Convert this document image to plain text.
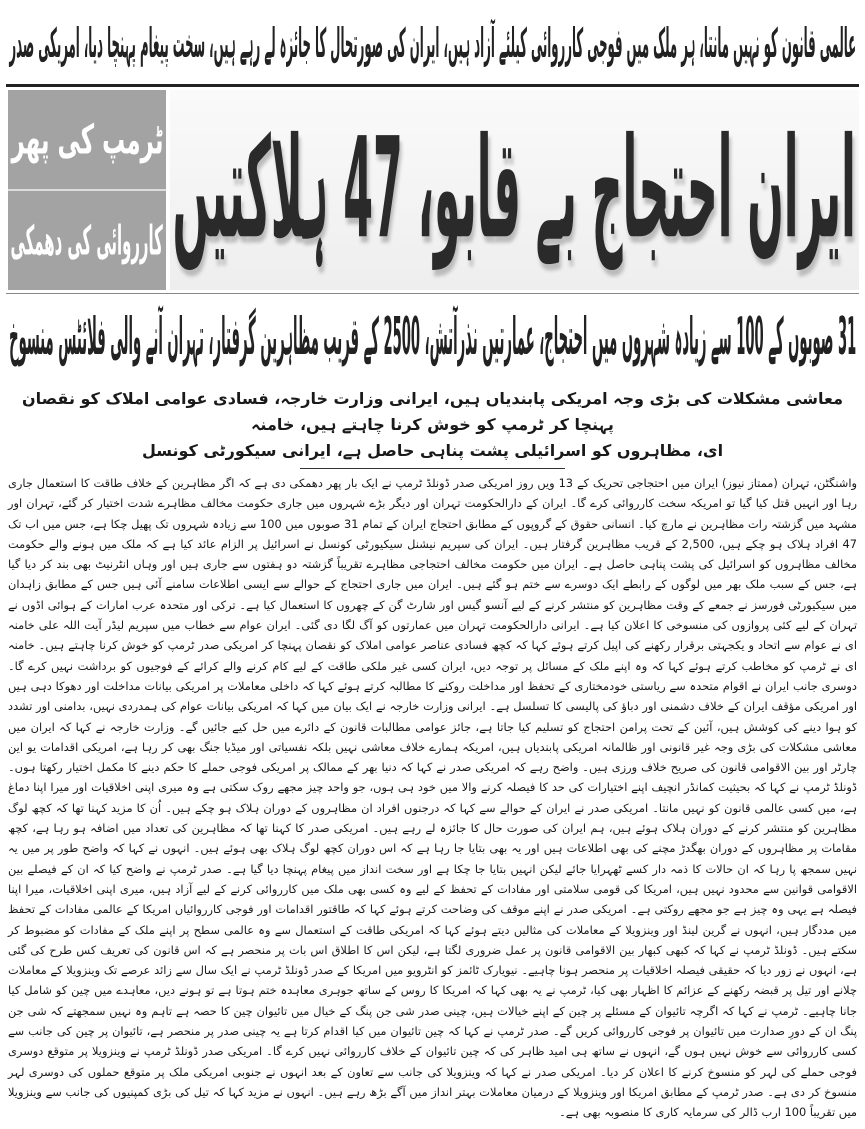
عالمی قانون کو نہیں مانتا، ہر ملک میں فوجی کارروائی کیلئے آزاد ہیں، ایران کی صورتحال کا جائزہ لے رہے ہیں، سخت پیغام پہنچا دیا، امریکی صدر
ایران احتجاج بے قابو، 47 ہلاکتیں
ٹرمپ کی پھر
کارروائی کی دھمکی
31 صوبوں کے 100 سے زیادہ شہروں میں احتجاج، عمارتیں نذرآتش، 2500 کے قریب مظاہرین گرفتار، تہران آنے والی فلائٹس منسوخ

معاشی مشکلات کی بڑی وجہ امریکی پابندیاں ہیں، ایرانی وزارت خارجہ، فسادی عوامی املاک کو نقصان پہنچا کر ٹرمپ کو خوش کرنا چاہتے ہیں، خامنہ

ای، مظاہروں کو اسرائیلی پشت پناہی حاصل ہے، ایرانی سیکورٹی کونسل

واشنگٹن، تہران (ممتاز نیوز) ایران میں احتجاجی تحریک کے 13 ویں روز امریکی صدر ڈونلڈ ٹرمپ نے ایک بار پھر دھمکی دی ہے کہ اگر مظاہرین کے خلاف طاقت کا استعمال جاری رہا اور انہیں قتل کیا گیا تو امریکہ سخت کارروائی کرے گا۔ ایران کے دارالحکومت تہران اور دیگر بڑے شہروں میں جاری حکومت مخالف مظاہرے شدت اختیار کر گئے، تہران اور مشہد میں گزشتہ رات مظاہرین نے مارچ کیا۔ انسانی حقوق کے گروپوں کے مطابق احتجاج ایران کے تمام 31 صوبوں میں 100 سے زیادہ شہروں تک پھیل چکا ہے، جس میں اب تک 47 افراد ہلاک ہو چکے ہیں، 2,500 کے قریب مظاہرین گرفتار ہیں۔ ایران کی سپریم نیشنل سیکیورٹی کونسل نے اسرائیل پر الزام عائد کیا ہے کہ ملک میں ہونے والے حکومت مخالف مظاہروں کو اسرائیل کی پشت پناہی حاصل ہے۔ ایران میں حکومت مخالف احتجاجی مظاہرے تقریباً گزشتہ دو ہفتوں سے جاری ہیں اور وہاں انٹرنیٹ بھی بند کر دیا گیا ہے، جس کے سبب ملک بھر میں لوگوں کے رابطے ایک دوسرے سے ختم ہو گئے ہیں۔ ایران میں جاری احتجاج کے حوالے سے ایسی اطلاعات سامنے آئی ہیں جس کے مطابق زاہدان میں سیکیورٹی فورسز نے جمعے کے وقت مظاہرین کو منتشر کرنے کے لیے آنسو گیس اور شارٹ گن کے چھروں کا استعمال کیا ہے۔ ترکی اور متحدہ عرب امارات کے ہوائی اڈوں نے تہران کے لیے کئی پروازوں کی منسوخی کا اعلان کیا ہے۔ ایرانی دارالحکومت تہران میں عمارتوں کو آگ لگا دی گئی۔ ایران عوام سے خطاب میں سپریم لیڈر آیت اللہ علی خامنہ ای نے عوام سے اتحاد و یکجہتی برقرار رکھنے کی اپیل کرتے ہوئے کہا کہ کچھ فسادی عناصر عوامی املاک کو نقصان پہنچا کر امریکی صدر ٹرمپ کو خوش کرنا چاہتے ہیں۔ خامنہ ای نے ٹرمپ کو مخاطب کرتے ہوئے کہا کہ وہ اپنے ملک کے مسائل پر توجہ دیں، ایران کسی غیر ملکی طاقت کے لیے کام کرنے والے کرائے کے فوجیوں کو برداشت نہیں کرے گا۔ دوسری جانب ایران نے اقوام متحدہ سے ریاستی خودمختاری کے تحفظ اور مداخلت روکنے کا مطالبہ کرتے ہوئے کہا کہ داخلی معاملات پر امریکی بیانات مداخلت اور دھوکا دہی ہیں اور امریکی مؤقف ایران کے خلاف دشمنی اور دباؤ کی پالیسی کا تسلسل ہے۔ ایرانی وزارت خارجہ نے ایک بیان میں کہا کہ امریکی بیانات عوام کی ہمدردی نہیں، بدامنی اور تشدد کو ہوا دینے کی کوشش ہیں، آئین کے تحت پرامن احتجاج کو تسلیم کیا جاتا ہے، جائز عوامی مطالبات قانون کے دائرے میں حل کیے جائیں گے۔ وزارت خارجہ نے کہا کہ ایران میں معاشی مشکلات کی بڑی وجہ غیر قانونی اور ظالمانہ امریکی پابندیاں ہیں، امریکہ ہمارے خلاف معاشی نہیں بلکہ نفسیاتی اور میڈیا جنگ بھی کر رہا ہے، امریکی اقدامات یو این چارٹر اور بین الاقوامی قانون کی صریح خلاف ورزی ہیں۔ واضح رہے کہ امریکی صدر نے کہا کہ دنیا بھر کے ممالک پر امریکی فوجی حملے کا حکم دینے کا مکمل اختیار رکھتا ہوں۔ ڈونلڈ ٹرمپ نے کہا کہ بحیثیت کمانڈر انچیف اپنے اختیارات کی حد کا فیصلہ کرنے والا میں خود ہی ہوں، جو واحد چیز مجھے روک سکتی ہے وہ میری اپنی اخلاقیات اور میرا اپنا دماغ ہے، میں کسی عالمی قانون کو نہیں مانتا۔ امریکی صدر نے ایران کے حوالے سے کہا کہ درجنوں افراد ان مظاہروں کے دوران ہلاک ہو چکے ہیں۔ اُن کا مزید کہنا تھا کہ کچھ لوگ مظاہرین کو منتشر کرنے کے دوران ہلاک ہوئے ہیں، ہم ایران کی صورت حال کا جائزہ لے رہے ہیں۔ امریکی صدر کا کہنا تھا کہ مظاہرین کی تعداد میں اضافہ ہو رہا ہے، کچھ مقامات پر مظاہروں کے دوران بھگدڑ مچنے کی بھی اطلاعات ہیں اور یہ بھی بتایا جا رہا ہے کہ اس دوران کچھ لوگ ہلاک بھی ہوئے ہیں۔ انہوں نے کہا کہ واضح طور پر میں یہ نہیں سمجھ پا رہا کہ ان حالات کا ذمہ دار کسے ٹھہرایا جائے لیکن انہیں بتایا جا چکا ہے اور سخت انداز میں پیغام پہنچا دیا گیا ہے۔ صدر ٹرمپ نے واضح کیا کہ ان کے فیصلے بین الاقوامی قوانین سے محدود نہیں ہیں، امریکا کی قومی سلامتی اور مفادات کے تحفظ کے لیے وہ کسی بھی ملک میں کارروائی کرنے کے لیے آزاد ہیں، میری اپنی اخلاقیات، میرا اپنا فیصلہ ہے یہی وہ چیز ہے جو مجھے روکتی ہے۔ امریکی صدر نے اپنے موقف کی وضاحت کرتے ہوئے کہا کہ طاقتور اقدامات اور فوجی کارروائیاں امریکا کے عالمی مفادات کے تحفظ میں مددگار ہیں، انہوں نے گرین لینڈ اور وینزویلا کے معاملات کی مثالیں دیتے ہوئے کہا کہ امریکی طاقت کے استعمال سے وہ عالمی سطح پر اپنے ملک کے مفادات کو مضبوط کر سکتے ہیں۔ ڈونلڈ ٹرمپ نے کہا کہ کبھی کبھار بین الاقوامی قانون پر عمل ضروری لگتا ہے، لیکن اس کا اطلاق اس بات پر منحصر ہے کہ اس قانون کی تعریف کس طرح کی گئی ہے، انہوں نے زور دیا کہ حقیقی فیصلہ اخلاقیات پر منحصر ہونا چاہیے۔ نیویارک ٹائمز کو انٹرویو میں امریکا کے صدر ڈونلڈ ٹرمپ نے ایک سال سے زائد عرصے تک وینزویلا کے معاملات چلانے اور تیل پر قبضہ رکھنے کے عزائم کا اظہار بھی کیا، ٹرمپ نے یہ بھی کہا کہ امریکا کا روس کے ساتھ جوہری معاہدہ ختم ہوتا ہے تو ہونے دیں، معاہدے میں چین کو شامل کیا جانا چاہیے۔ ٹرمپ نے کہا کہ اگرچہ تائیوان کے مسئلے پر چین کے اپنے خیالات ہیں، چینی صدر شی جن پنگ کے خیال میں تائیوان چین کا حصہ ہے تاہم وہ نہیں سمجھتے کہ شی جن پنگ ان کے دورِ صدارت میں تائیوان پر فوجی کارروائی کریں گے۔ صدر ٹرمپ نے کہا کہ چین تائیوان میں کیا اقدام کرتا ہے یہ چینی صدر پر منحصر ہے، تائیوان پر چین کی جانب سے کسی کارروائی سے خوش نہیں ہوں گے، انہوں نے ساتھ ہی امید ظاہر کی کہ چین تائیوان کے خلاف کارروائی نہیں کرے گا۔ امریکی صدر ڈونلڈ ٹرمپ نے وینزویلا پر متوقع دوسری فوجی حملے کی لہر کو منسوخ کرنے کا اعلان کر دیا۔ امریکی صدر نے کہا کہ وینزویلا کی جانب سے تعاون کے بعد انہوں نے جنوبی امریکی ملک پر متوقع حملوں کی دوسری لہر منسوخ کر دی ہے۔ صدر ٹرمپ کے مطابق امریکا اور وینزویلا کے درمیان معاملات بہتر انداز میں آگے بڑھ رہے ہیں۔ انہوں نے مزید کہا کہ تیل کی بڑی کمپنیوں کی جانب سے وینزویلا میں تقریباً 100 ارب ڈالر کی سرمایہ کاری کا منصوبہ بھی ہے۔
